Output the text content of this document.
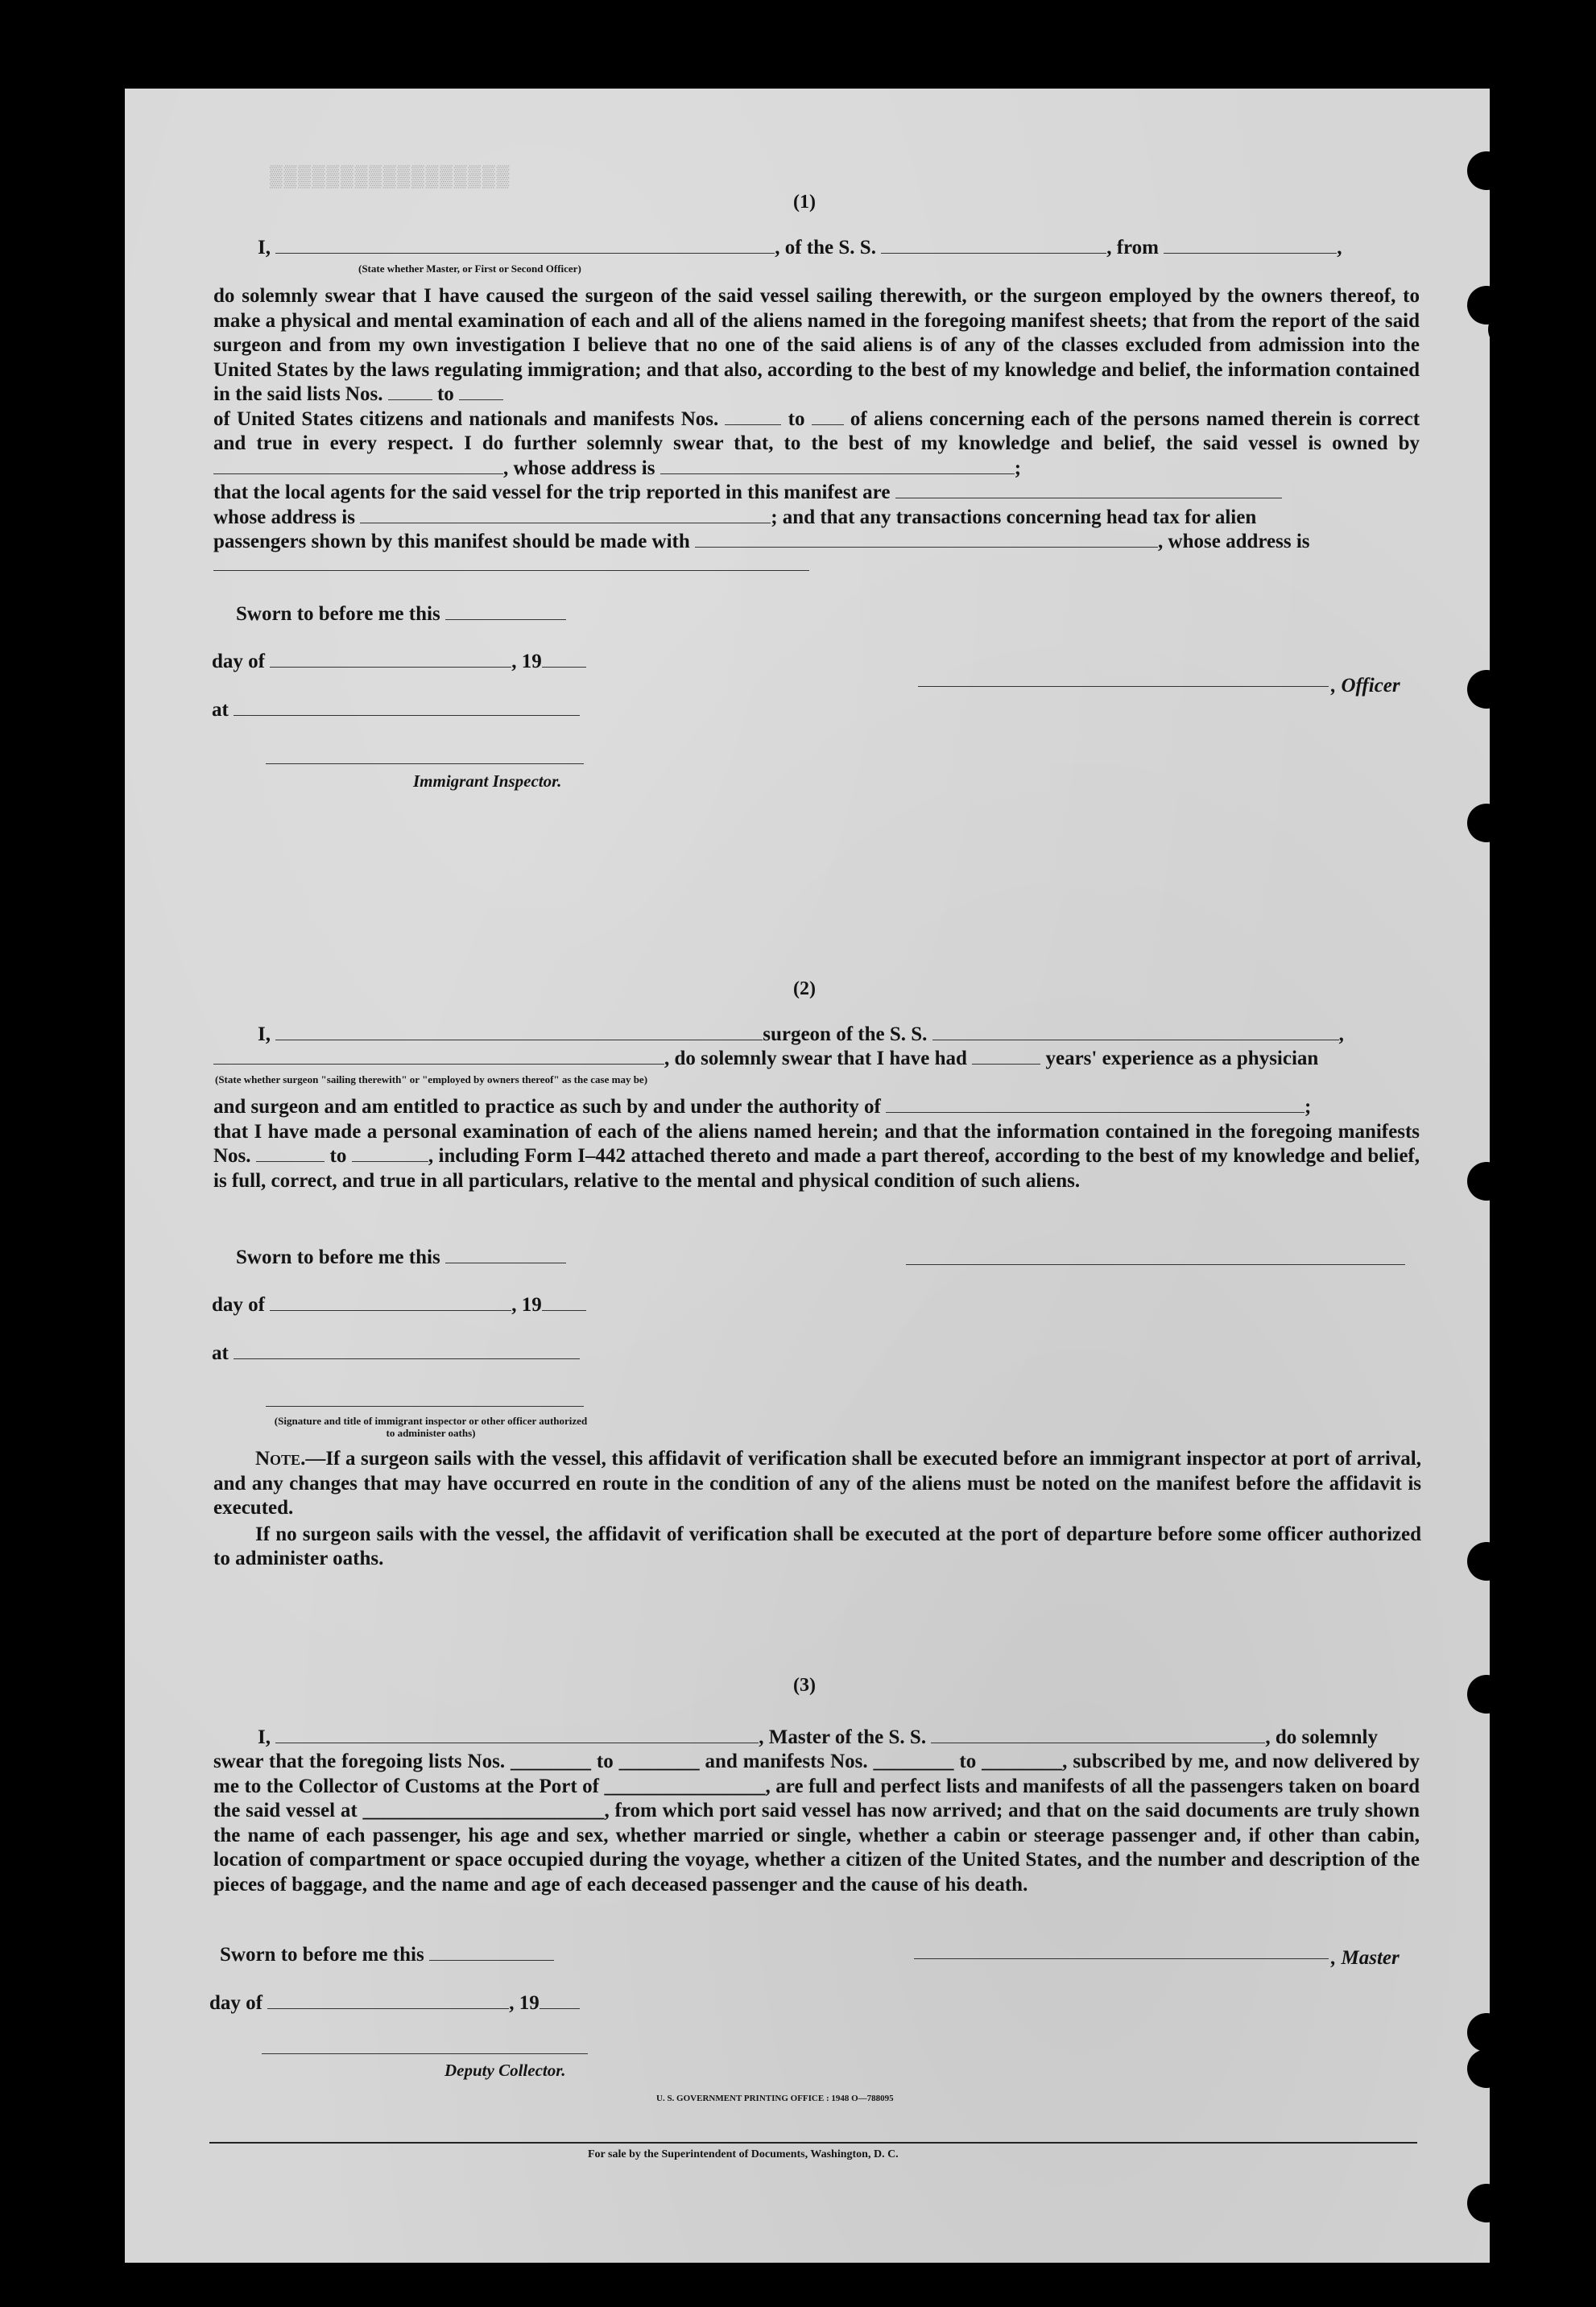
▒▒▒▒▒▒▒▒▒▒▒▒▒▒▒▒▒
(1)
I,	, of the S. S.	, from	,
(State whether Master, or First or Second Officer)

do solemnly swear that I have caused the surgeon of the said vessel sailing therewith, or the surgeon employed by the owners thereof, to make a physical and mental examination of each and all of the aliens named in the foregoing manifest sheets; that from the report of the said surgeon and from my own investigation I believe that no one of the said aliens is of any of the classes excluded from admission into the United States by the laws regulating immigration; and that also, according to the best of my knowledge and belief, the information contained in the said lists Nos.	to

of United States citizens and nationals and manifests Nos.	to of aliens concerning each of the persons named therein is correct and true in every respect. I do further solemnly swear that, to the best of my knowledge and belief, the said vessel is owned by , whose address is	;

that the local agents for the said vessel for the trip reported in this manifest are

whose address is	; and that any transactions concerning head tax for alien

passengers shown by this manifest should be made with	, whose address is

Sworn to before me this
day of	, 19
at
, Officer
Immigrant Inspector.
(2)
I,	surgeon of the S. S.	,
, do solemnly swear that I have had	years' experience as a physician
(State whether surgeon "sailing therewith" or "employed by owners thereof" as the case may be)

and surgeon and am entitled to practice as such by and under the authority of	;

that I have made a personal examination of each of the aliens named herein; and that the information contained in the foregoing manifests Nos.	to	, including Form I–442 attached thereto and made a part thereof, according to the best of my knowledge and belief, is full, correct, and true in all particulars, relative to the mental and physical condition of such aliens.

Sworn to before me this
day of	, 19
at
(Signature and title of immigrant inspector or other officer authorized to administer oaths)

Note.—If a surgeon sails with the vessel, this affidavit of verification shall be executed before an immigrant inspector at port of arrival, and any changes that may have occurred en route in the condition of any of the aliens must be noted on the manifest before the affidavit is executed.

If no surgeon sails with the vessel, the affidavit of verification shall be executed at the port of departure before some officer authorized to administer oaths.

(3)
I,	, Master of the S. S.	, do solemnly
swear that the foregoing lists Nos. ________ to ________ and manifests Nos. ________ to ________, subscribed by me, and now delivered by me to the Collector of Customs at the Port of ________________, are full and perfect lists and manifests of all the passengers taken on board the said vessel at ________________________, from which port said vessel has now arrived; and that on the said documents are truly shown the name of each passenger, his age and sex, whether married or single, whether a cabin or steerage passenger and, if other than cabin, location of compartment or space occupied during the voyage, whether a citizen of the United States, and the number and description of the pieces of baggage, and the name and age of each deceased passenger and the cause of his death.
Sworn to before me this	, Master
day of	, 19
Deputy Collector.
U. S. GOVERNMENT PRINTING OFFICE : 1948 O—788095
For sale by the Superintendent of Documents, Washington, D. C.
